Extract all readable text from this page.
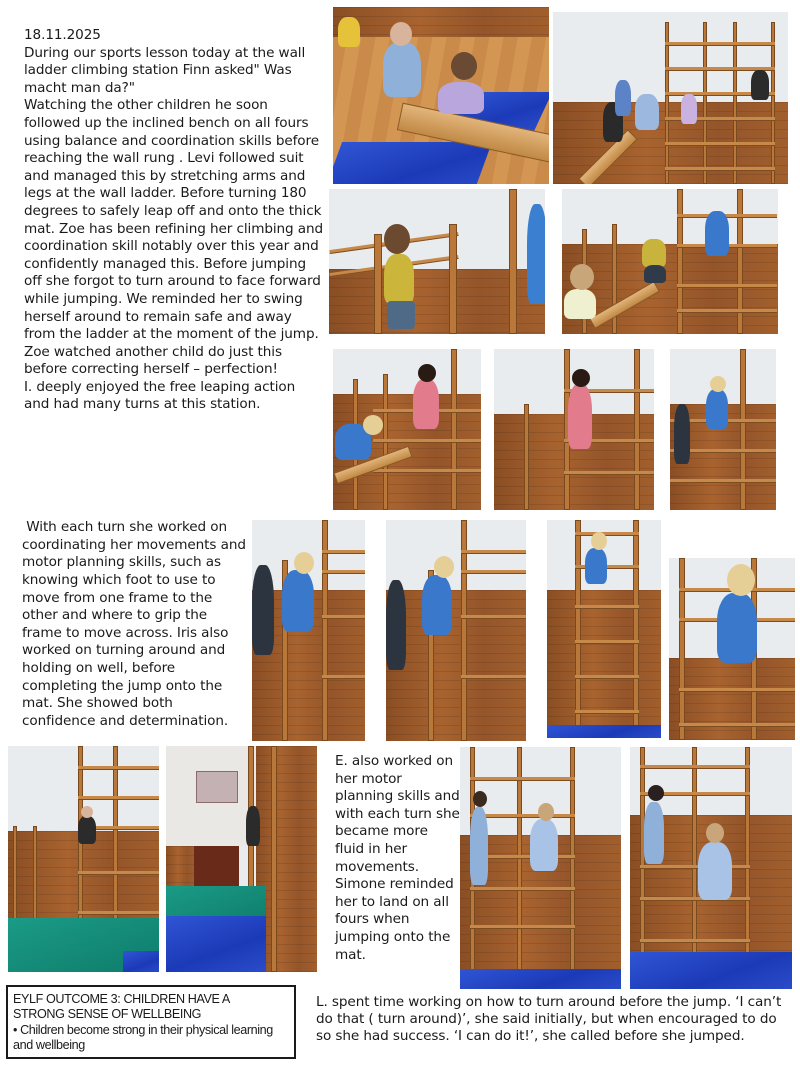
18.11.2025

During our sports lesson today at the wall ladder climbing station Finn asked" Was macht man da?"

Watching the other children he soon followed up the inclined bench on all fours using balance and coordination skills before reaching the wall rung . Levi followed suit and managed this by stretching arms and legs at the wall ladder. Before turning 180 degrees to safely leap off and onto the thick mat. Zoe has been refining her climbing and coordination skill notably over this year and confidently managed this. Before jumping off she forgot to turn around to face forward while jumping. We reminded her to swing herself around to remain safe and away from the ladder at the moment of the jump. Zoe watched another child do just this before correcting herself – perfection!

I. deeply enjoyed the free leaping action and had many turns at this station.

With each turn she worked on coordinating her movements and motor planning skills, such as knowing which foot to use to move from one frame to the other and where to grip the frame to move across. Iris also worked on turning around and holding on well, before completing the jump onto the mat. She showed both confidence and determination.

E. also worked on her motor planning skills and with each turn she became more fluid in her movements. Simone reminded her to land on all fours when jumping onto the mat.

L. spent time working on how to turn around before the jump. ‘I can’t do that ( turn around)’, she said initially, but when encouraged to do so she had success. ‘I can do it!’, she called before she jumped.

EYLF OUTCOME 3: CHILDREN HAVE A
STRONG SENSE OF WELLBEING
• Children become strong in their physical learning and wellbeing
